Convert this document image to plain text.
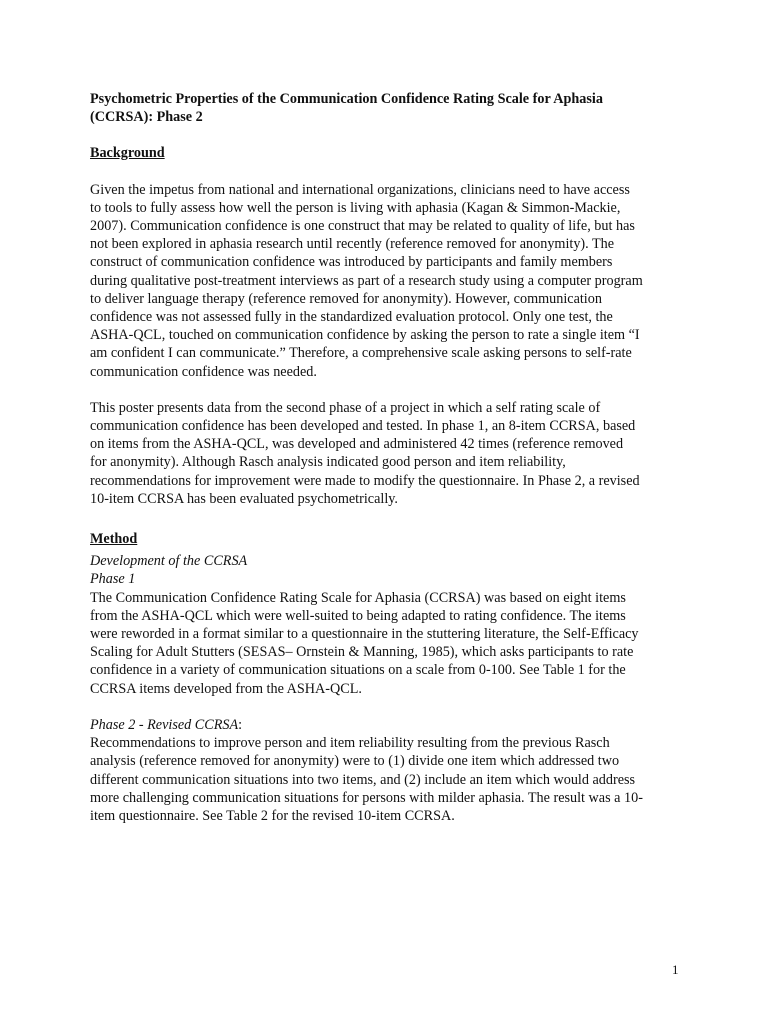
Psychometric Properties of the Communication Confidence Rating Scale for Aphasia
(CCRSA): Phase 2

Background

Given the impetus from national and international organizations, clinicians need to have access
to tools to fully assess how well the person is living with aphasia (Kagan & Simmon-Mackie,
2007). Communication confidence is one construct that may be related to quality of life, but has
not been explored in aphasia research until recently (reference removed for anonymity). The
construct of communication confidence was introduced by participants and family members
during qualitative post-treatment interviews as part of a research study using a computer program
to deliver language therapy (reference removed for anonymity). However, communication
confidence was not assessed fully in the standardized evaluation protocol. Only one test, the
ASHA-QCL, touched on communication confidence by asking the person to rate a single item “I
am confident I can communicate.” Therefore, a comprehensive scale asking persons to self-rate
communication confidence was needed.

This poster presents data from the second phase of a project in which a self rating scale of
communication confidence has been developed and tested. In phase 1, an 8-item CCRSA, based
on items from the ASHA-QCL, was developed and administered 42 times (reference removed
for anonymity). Although Rasch analysis indicated good person and item reliability,
recommendations for improvement were made to modify the questionnaire. In Phase 2, a revised
10-item CCRSA has been evaluated psychometrically.

Method

Development of the CCRSA

Phase 1

The Communication Confidence Rating Scale for Aphasia (CCRSA) was based on eight items
from the ASHA-QCL which were well-suited to being adapted to rating confidence. The items
were reworded in a format similar to a questionnaire in the stuttering literature, the Self-Efficacy
Scaling for Adult Stutters (SESAS– Ornstein & Manning, 1985), which asks participants to rate
confidence in a variety of communication situations on a scale from 0-100. See Table 1 for the
CCRSA items developed from the ASHA-QCL.

Phase 2 - Revised CCRSA:

Recommendations to improve person and item reliability resulting from the previous Rasch
analysis (reference removed for anonymity) were to (1) divide one item which addressed two
different communication situations into two items, and (2) include an item which would address
more challenging communication situations for persons with milder aphasia. The result was a 10-
item questionnaire. See Table 2 for the revised 10-item CCRSA.

1
